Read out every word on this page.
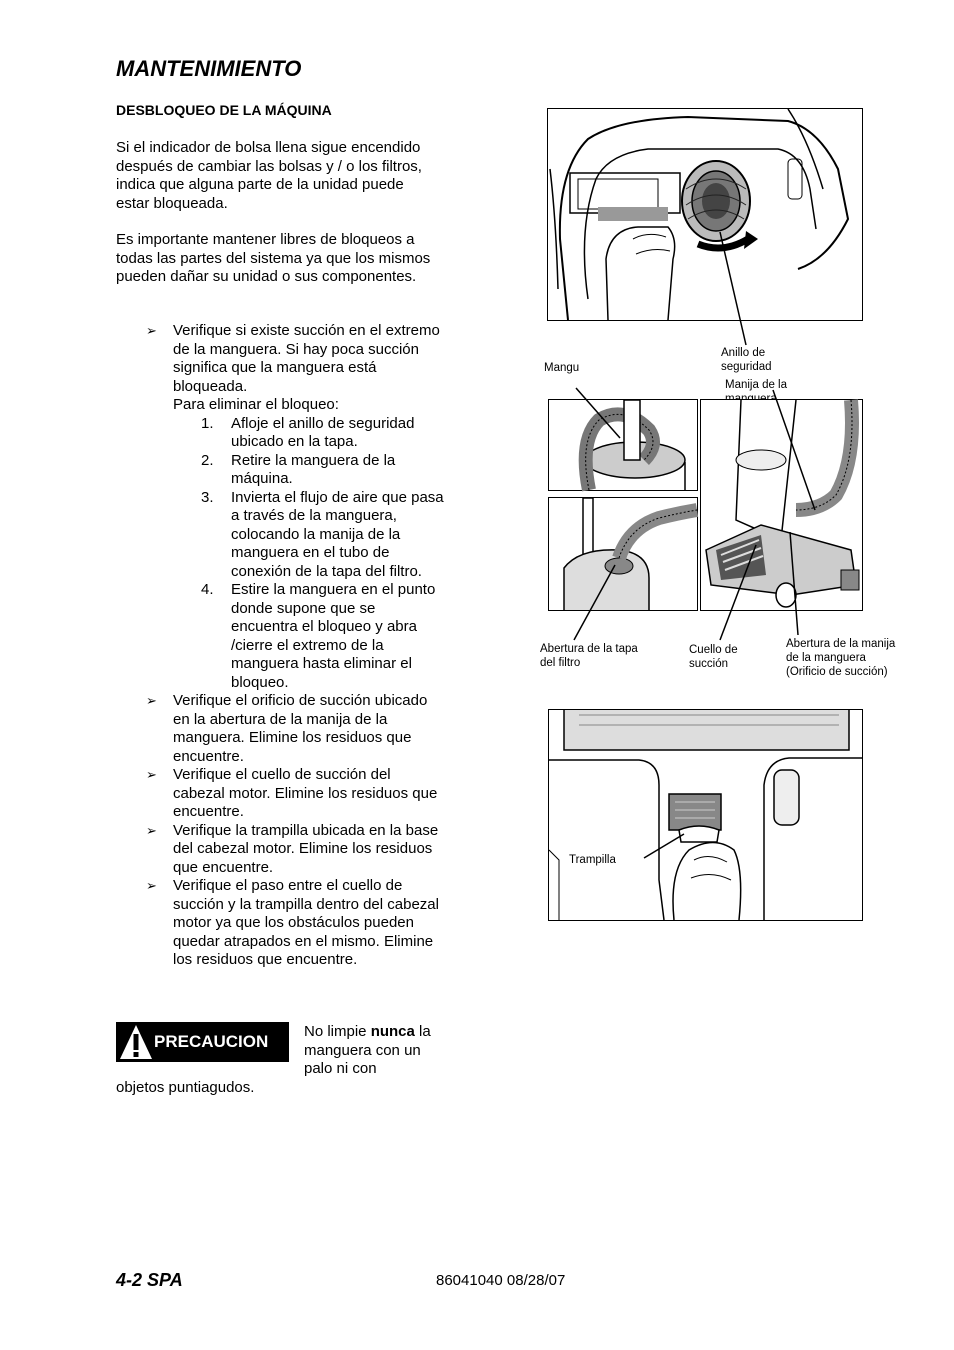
MANTENIMIENTO
DESBLOQUEO DE LA MÁQUINA
Si el indicador de bolsa llena sigue encendido después de cambiar las bolsas y / o los filtros, indica que alguna parte de la unidad puede estar bloqueada.
Es importante mantener libres de bloqueos a todas las partes del sistema ya que los mismos pueden dañar su unidad o sus componentes.
➢	Verifique si existe succión en el extremo de la manguera. Si hay poca succión significa que la manguera está bloqueada.
Para eliminar el bloqueo:
1.	Afloje el anillo de seguridad ubicado en la tapa.
2.	Retire la manguera de la máquina.
3.	Invierta el flujo de aire que pasa a través de la manguera, colocando la manija de la manguera en el tubo de conexión de la tapa del filtro.
4.	Estire la manguera en el punto donde supone que se encuentra el bloqueo y abra /cierre el extremo de la manguera hasta eliminar el bloqueo.
➢	Verifique el orificio de succión ubicado en la abertura de la manija de la manguera. Elimine los residuos que encuentre.
➢	Verifique el cuello de succión del cabezal motor. Elimine los residuos que encuentre.
➢	Verifique la trampilla ubicada en la base del cabezal motor. Elimine los residuos que encuentre.
➢	Verifique el paso entre el cuello de succión y la trampilla dentro del cabezal motor ya que los obstáculos pueden quedar atrapados en el mismo. Elimine los residuos que encuentre.
PRECAUCION
No limpie nunca la manguera con un palo ni con
objetos puntiagudos.
Mangu
Anillo de seguridad
Manija de la
Abertura de la tapa del filtro
Cuello de succión
Abertura de la manija de la manguera (Orificio de succión)
Trampilla
4-2 SPA	86041040 08/28/07
